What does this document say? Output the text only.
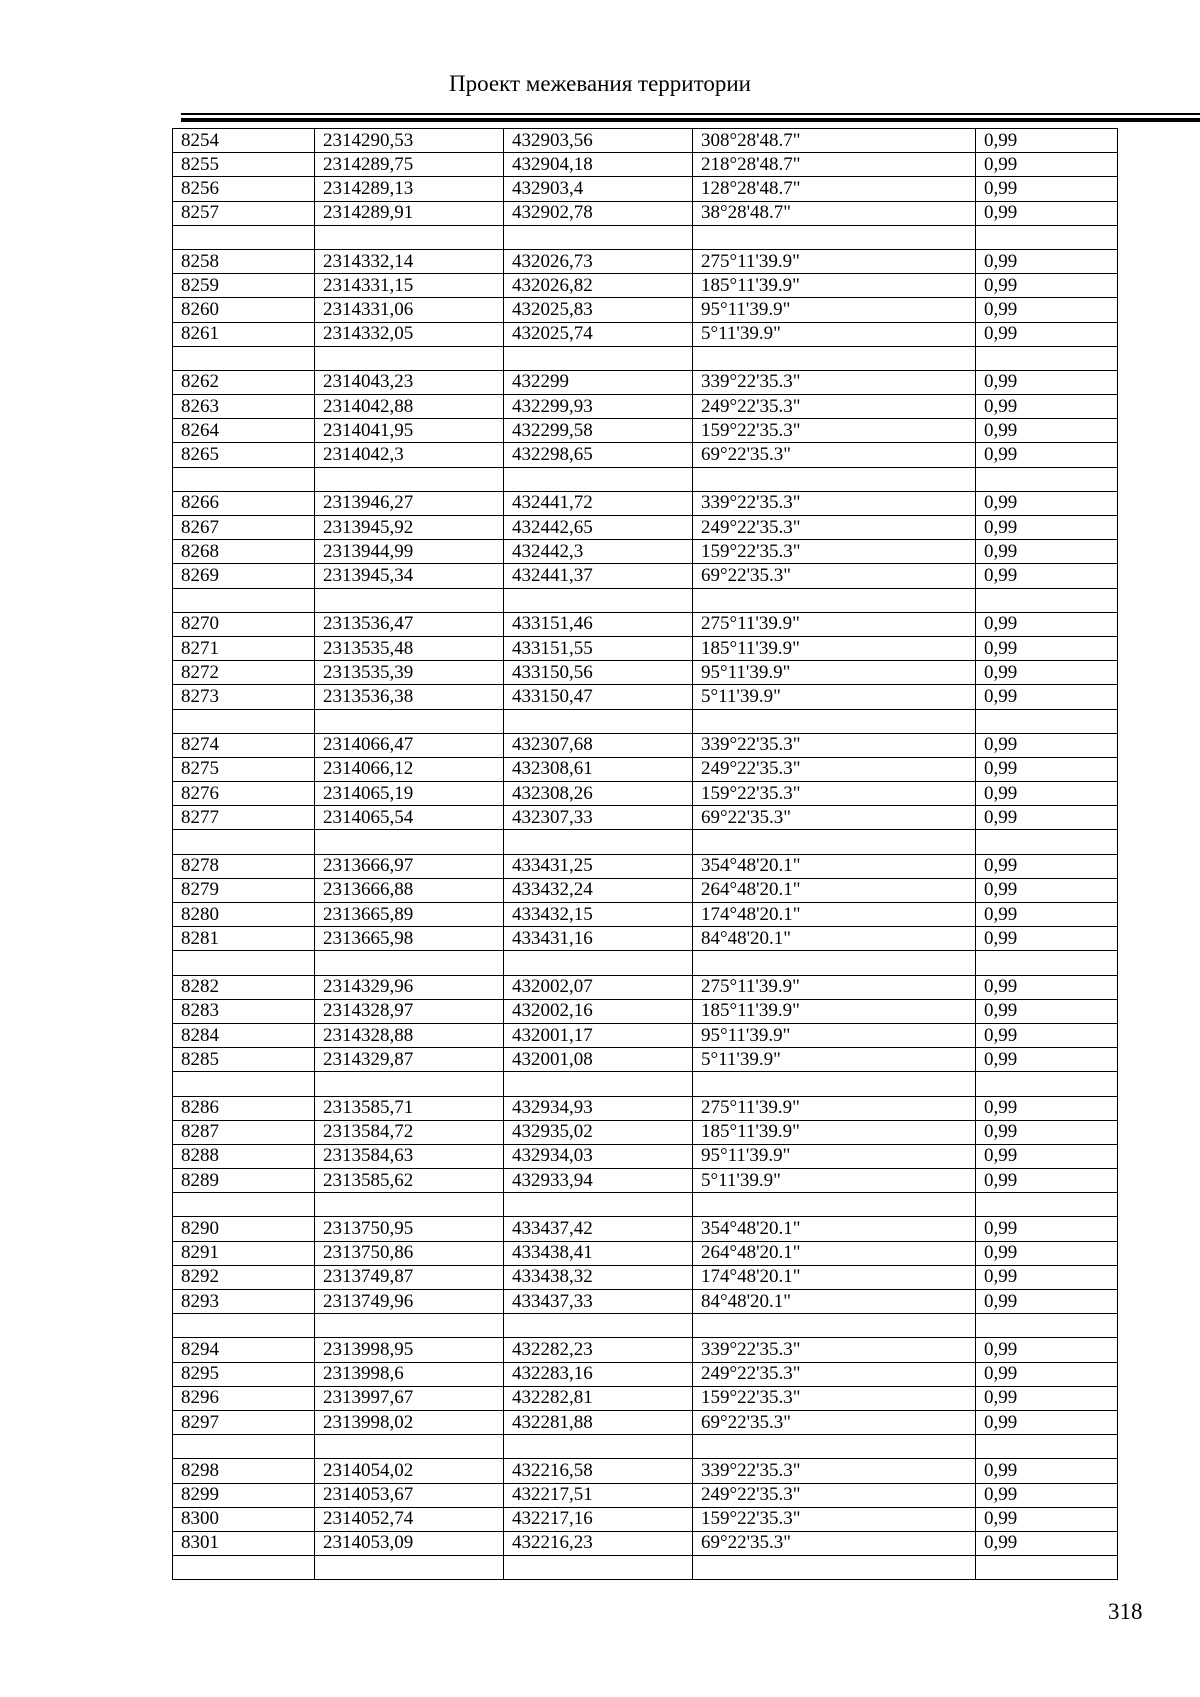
Проект межевания территории
8254	2314290,53	432903,56	308°28'48.7"	0,99
8255	2314289,75	432904,18	218°28'48.7"	0,99
8256	2314289,13	432903,4	128°28'48.7"	0,99
8257	2314289,91	432902,78	38°28'48.7"	0,99

8258	2314332,14	432026,73	275°11'39.9"	0,99
8259	2314331,15	432026,82	185°11'39.9"	0,99
8260	2314331,06	432025,83	95°11'39.9"	0,99
8261	2314332,05	432025,74	5°11'39.9"	0,99

8262	2314043,23	432299	339°22'35.3"	0,99
8263	2314042,88	432299,93	249°22'35.3"	0,99
8264	2314041,95	432299,58	159°22'35.3"	0,99
8265	2314042,3	432298,65	69°22'35.3"	0,99

8266	2313946,27	432441,72	339°22'35.3"	0,99
8267	2313945,92	432442,65	249°22'35.3"	0,99
8268	2313944,99	432442,3	159°22'35.3"	0,99
8269	2313945,34	432441,37	69°22'35.3"	0,99

8270	2313536,47	433151,46	275°11'39.9"	0,99
8271	2313535,48	433151,55	185°11'39.9"	0,99
8272	2313535,39	433150,56	95°11'39.9"	0,99
8273	2313536,38	433150,47	5°11'39.9"	0,99

8274	2314066,47	432307,68	339°22'35.3"	0,99
8275	2314066,12	432308,61	249°22'35.3"	0,99
8276	2314065,19	432308,26	159°22'35.3"	0,99
8277	2314065,54	432307,33	69°22'35.3"	0,99

8278	2313666,97	433431,25	354°48'20.1"	0,99
8279	2313666,88	433432,24	264°48'20.1"	0,99
8280	2313665,89	433432,15	174°48'20.1"	0,99
8281	2313665,98	433431,16	84°48'20.1"	0,99

8282	2314329,96	432002,07	275°11'39.9"	0,99
8283	2314328,97	432002,16	185°11'39.9"	0,99
8284	2314328,88	432001,17	95°11'39.9"	0,99
8285	2314329,87	432001,08	5°11'39.9"	0,99

8286	2313585,71	432934,93	275°11'39.9"	0,99
8287	2313584,72	432935,02	185°11'39.9"	0,99
8288	2313584,63	432934,03	95°11'39.9"	0,99
8289	2313585,62	432933,94	5°11'39.9"	0,99

8290	2313750,95	433437,42	354°48'20.1"	0,99
8291	2313750,86	433438,41	264°48'20.1"	0,99
8292	2313749,87	433438,32	174°48'20.1"	0,99
8293	2313749,96	433437,33	84°48'20.1"	0,99

8294	2313998,95	432282,23	339°22'35.3"	0,99
8295	2313998,6	432283,16	249°22'35.3"	0,99
8296	2313997,67	432282,81	159°22'35.3"	0,99
8297	2313998,02	432281,88	69°22'35.3"	0,99

8298	2314054,02	432216,58	339°22'35.3"	0,99
8299	2314053,67	432217,51	249°22'35.3"	0,99
8300	2314052,74	432217,16	159°22'35.3"	0,99
8301	2314053,09	432216,23	69°22'35.3"	0,99

318
